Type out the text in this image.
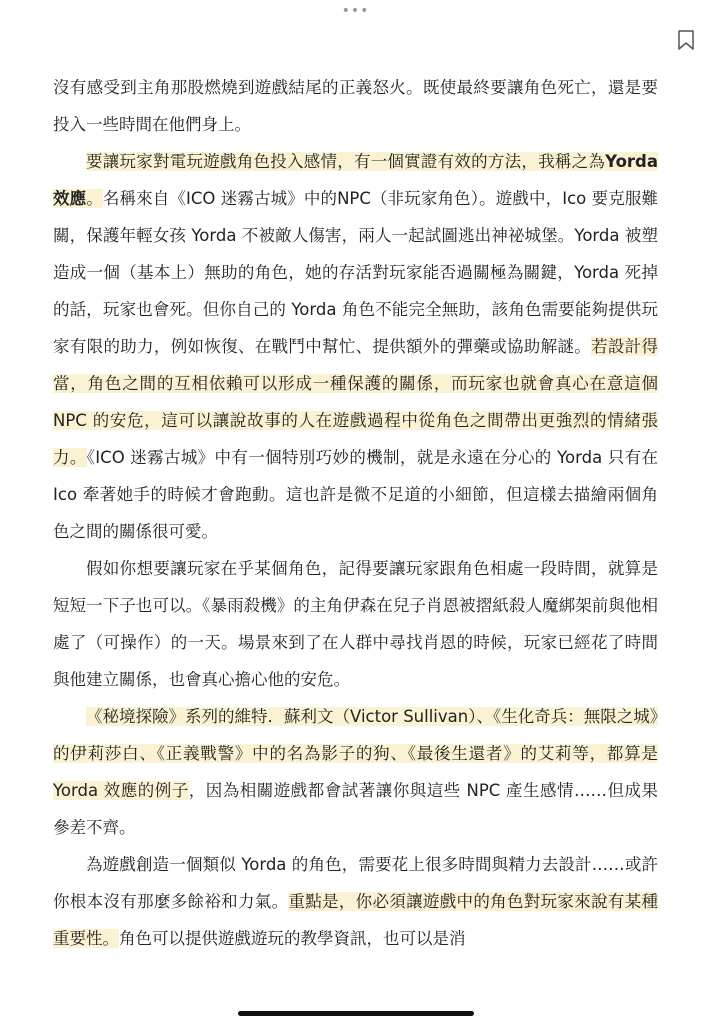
•••

沒有感受到主角那股燃燒到遊戲結尾的正義怒火。既使最終要讓角色死亡，還是要投入一些時間在他們身上。

要讓玩家對電玩遊戲角色投入感情，有一個實證有效的方法，我稱之為Yorda效應。名稱來自《ICO 迷霧古城》中的NPC（非玩家角色）。遊戲中，Ico 要克服難關，保護年輕女孩 Yorda 不被敵人傷害，兩人一起試圖逃出神祕城堡。Yorda 被塑造成一個（基本上）無助的角色，她的存活對玩家能否過關極為關鍵，Yorda 死掉的話，玩家也會死。但你自己的 Yorda 角色不能完全無助，該角色需要能夠提供玩家有限的助力，例如恢復、在戰鬥中幫忙、提供額外的彈藥或協助解謎。若設計得當，角色之間的互相依賴可以形成一種保護的關係，而玩家也就會真心在意這個 NPC 的安危，這可以讓說故事的人在遊戲過程中從角色之間帶出更強烈的情緒張力。《ICO 迷霧古城》中有一個特別巧妙的機制，就是永遠在分心的 Yorda 只有在 Ico 牽著她手的時候才會跑動。這也許是微不足道的小細節，但這樣去描繪兩個角色之間的關係很可愛。

假如你想要讓玩家在乎某個角色，記得要讓玩家跟角色相處一段時間，就算是短短一下子也可以。《暴雨殺機》的主角伊森在兒子肖恩被摺紙殺人魔綁架前與他相處了（可操作）的一天。場景來到了在人群中尋找肖恩的時候，玩家已經花了時間與他建立關係，也會真心擔心他的安危。

《秘境探險》系列的維特．蘇利文（Victor Sullivan）、《生化奇兵：無限之城》的伊莉莎白、《正義戰警》中的名為影子的狗、《最後生還者》的艾莉等，都算是 Yorda 效應的例子，因為相關遊戲都會試著讓你與這些 NPC 產生感情……但成果參差不齊。

為遊戲創造一個類似 Yorda 的角色，需要花上很多時間與精力去設計……或許你根本沒有那麼多餘裕和力氣。重點是，你必須讓遊戲中的角色對玩家來說有某種重要性。角色可以提供遊戲遊玩的教學資訊，也可以是消
